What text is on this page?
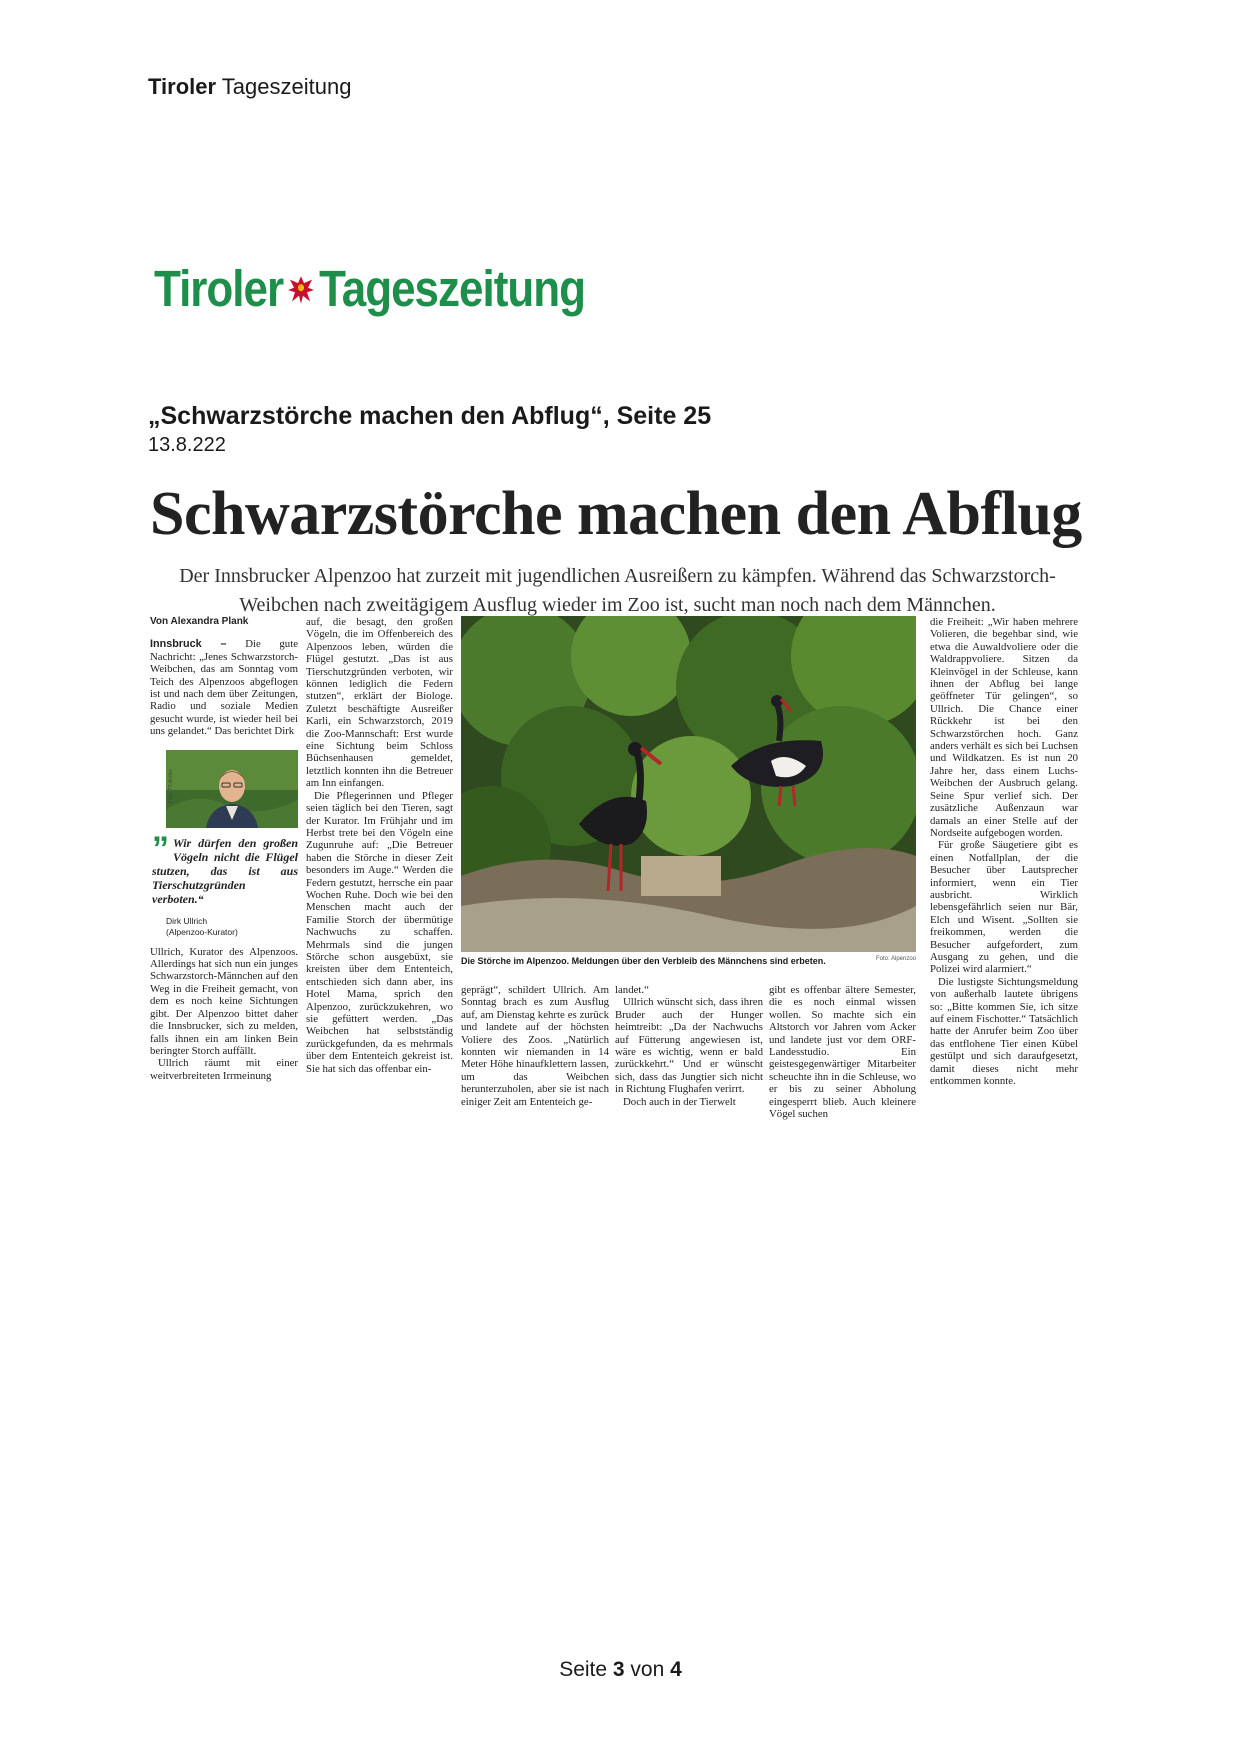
Tiroler Tageszeitung
Tiroler Tageszeitung
„Schwarzstörche machen den Abflug“, Seite 25
13.8.222
Schwarzstörche machen den Abflug

Der Innsbrucker Alpenzoo hat zurzeit mit jugendlichen Ausreißern zu kämpfen. Während das Schwarzstorch-Weibchen nach zweitägigem Ausflug wieder im Zoo ist, sucht man noch nach dem Männchen.

Von Alexandra Plank

Innsbruck – Die gute Nachricht: „Jenes Schwarzstorch-Weibchen, das am Sonntag vom Teich des Alpenzoos abgeflogen ist und nach dem über Zeitungen, Radio und soziale Medien gesucht wurde, ist wieder heil bei uns gelandet.“ Das berichtet Dirk

Foto: TT-Archiv
” Wir dürfen den großen Vögeln nicht die Flügel stutzen, das ist aus Tierschutzgründen verboten.“
Dirk Ullrich
(Alpenzoo-Kurator)

Ullrich, Kurator des Alpenzoos. Allerdings hat sich nun ein junges Schwarzstorch-Männchen auf den Weg in die Freiheit gemacht, von dem es noch keine Sichtungen gibt. Der Alpenzoo bittet daher die Innsbrucker, sich zu melden, falls ihnen ein am linken Bein beringter Storch auffällt.

Ullrich räumt mit einer weitverbreiteten Irrmeinung

auf, die besagt, den großen Vögeln, die im Offenbereich des Alpenzoos leben, würden die Flügel gestutzt. „Das ist aus Tierschutzgründen verboten, wir können lediglich die Federn stutzen“, erklärt der Biologe. Zuletzt beschäftigte Ausreißer Karli, ein Schwarzstorch, 2019 die Zoo-Mannschaft: Erst wurde eine Sichtung beim Schloss Büchsenhausen gemeldet, letztlich konnten ihn die Betreuer am Inn einfangen.

Die Pflegerinnen und Pfleger seien täglich bei den Tieren, sagt der Kurator. Im Frühjahr und im Herbst trete bei den Vögeln eine Zugunruhe auf: „Die Betreuer haben die Störche in dieser Zeit besonders im Auge.“ Werden die Federn gestutzt, herrsche ein paar Wochen Ruhe. Doch wie bei den Menschen macht auch der Familie Storch der übermütige Nachwuchs zu schaffen. Mehrmals sind die jungen Störche schon ausgebüxt, sie kreisten über dem Ententeich, entschieden sich dann aber, ins Hotel Mama, sprich den Alpenzoo, zurückzukehren, wo sie gefüttert werden. „Das Weibchen hat selbstständig zurückgefunden, da es mehrmals über dem Ententeich gekreist ist. Sie hat sich das offenbar ein-

Die Störche im Alpenzoo. Meldungen über den Verbleib des Männchens sind erbeten.	Foto: Alpenzoo

geprägt“, schildert Ullrich. Am Sonntag brach es zum Ausflug auf, am Dienstag kehrte es zurück und landete auf der höchsten Voliere des Zoos. „Natürlich konnten wir niemanden in 14 Meter Höhe hinaufklettern lassen, um das Weibchen herunterzuholen, aber sie ist nach einiger Zeit am Ententeich ge-

landet.“

Ullrich wünscht sich, dass ihren Bruder auch der Hunger heimtreibt: „Da der Nachwuchs auf Fütterung angewiesen ist, wäre es wichtig, wenn er bald zurückkehrt.“ Und er wünscht sich, dass das Jungtier sich nicht in Richtung Flughafen verirrt.

Doch auch in der Tierwelt

gibt es offenbar ältere Semester, die es noch einmal wissen wollen. So machte sich ein Altstorch vor Jahren vom Acker und landete just vor dem ORF-Landesstudio. Ein geistesgegenwärtiger Mitarbeiter scheuchte ihn in die Schleuse, wo er bis zu seiner Abholung eingesperrt blieb. Auch kleinere Vögel suchen

die Freiheit: „Wir haben mehrere Volieren, die begehbar sind, wie etwa die Auwaldvoliere oder die Waldrappvoliere. Sitzen da Kleinvögel in der Schleuse, kann ihnen der Abflug bei lange geöffneter Tür gelingen“, so Ullrich. Die Chance einer Rückkehr ist bei den Schwarzstörchen hoch. Ganz anders verhält es sich bei Luchsen und Wildkatzen. Es ist nun 20 Jahre her, dass einem Luchs-Weibchen der Ausbruch gelang. Seine Spur verlief sich. Der zusätzliche Außenzaun war damals an einer Stelle auf der Nordseite aufgebogen worden.

Für große Säugetiere gibt es einen Notfallplan, der die Besucher über Lautsprecher informiert, wenn ein Tier ausbricht. Wirklich lebensgefährlich seien nur Bär, Elch und Wisent. „Sollten sie freikommen, werden die Besucher aufgefordert, zum Ausgang zu gehen, und die Polizei wird alarmiert.“

Die lustigste Sichtungsmeldung von außerhalb lautete übrigens so: „Bitte kommen Sie, ich sitze auf einem Fischotter.“ Tatsächlich hatte der Anrufer beim Zoo über das entflohene Tier einen Kübel gestülpt und sich daraufgesetzt, damit dieses nicht mehr entkommen konnte.

Seite 3 von 4
